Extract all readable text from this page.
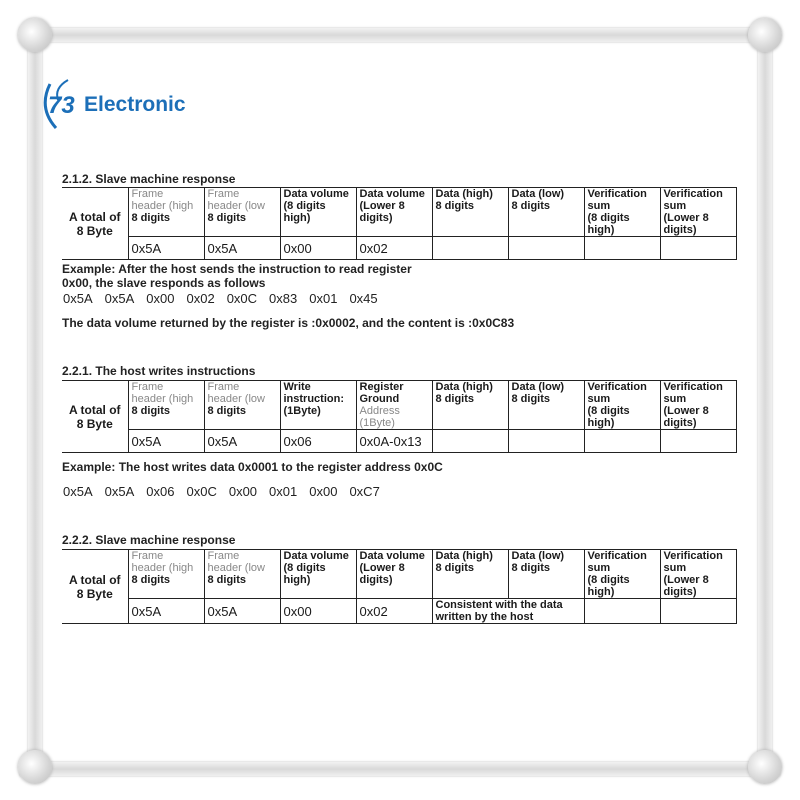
73 Electronic
2.1.2. Slave machine response
A total of 8 Byte	Frame
header (high
8 digits	Frame
header (low
8 digits	Data volume
(8 digits
high)	Data volume
(Lower 8
digits)	Data (high)
8 digits	Data (low)
8 digits	Verification
sum
(8 digits high)	Verification
sum
(Lower 8 digits)
	0x5A	0x5A	0x00	0x02				
Example: After the host sends the instruction to read register
0x00, the slave responds as follows
0x5A 0x5A 0x00 0x02 0x0C 0x83 0x01 0x45
The data volume returned by the register is :0x0002, and the content is :0x0C83
2.2.1. The host writes instructions
A total of 8 Byte	Frame
header (high
8 digits	Frame
header (low
8 digits	Write
instruction:
(1Byte)	Register
Ground
Address (1Byte)	Data (high)
8 digits	Data (low)
8 digits	Verification
sum
(8 digits high)	Verification
sum
(Lower 8 digits)
	0x5A	0x5A	0x06	0x0A-0x13				
Example: The host writes data 0x0001 to the register address 0x0C
0x5A 0x5A 0x06 0x0C 0x00 0x01 0x00 0xC7
2.2.2. Slave machine response
A total of 8 Byte	Frame
header (high
8 digits	Frame
header (low
8 digits	Data volume
(8 digits
high)	Data volume
(Lower 8
digits)	Data (high)
8 digits	Data (low)
8 digits	Verification
sum
(8 digits high)	Verification
sum
(Lower 8 digits)
	0x5A	0x5A	0x00	0x02	Consistent with the data written by the host			
